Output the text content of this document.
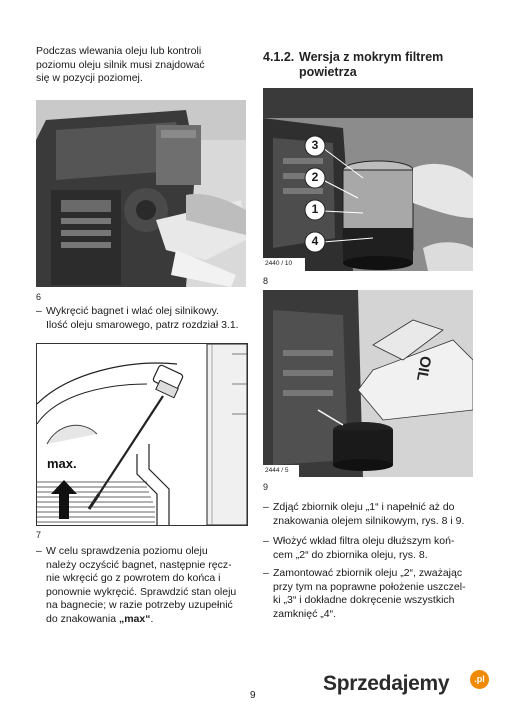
Podczas wlewania oleju lub kontroli
poziomu oleju silnik musi znajdować
się w pozycji poziomej.
6
– Wykręcić bagnet i wlać olej silnikowy.
Ilość oleju smarowego, patrz rozdział 3.1.
max.
7
– W celu sprawdzenia poziomu oleju
należy oczyścić bagnet, następnie ręcz-
nie wkręcić go z powrotem do końca i
ponownie wykręcić. Sprawdzić stan oleju
na bagnecie; w razie potrzeby uzupełnić
do znakowania „max“.
4.1.2. Wersja z mokrym filtrem powietrza
3
2
1
4
2440 / 10
8
OIL
2444 / 5
9
– Zdjąć zbiornik oleju „1“ i napełnić aż do
znakowania olejem silnikowym, rys. 8 i 9.
– Włożyć wkład filtra oleju dłuższym koń-
cem „2“ do zbiornika oleju, rys. 8.
– Zamontować zbiornik oleju „2“, zważając
przy tym na poprawne położenie uszczel-
ki „3“ i dokładne dokręcenie wszystkich
zamknięć „4“.
9
Sprzedajemy	.pl
